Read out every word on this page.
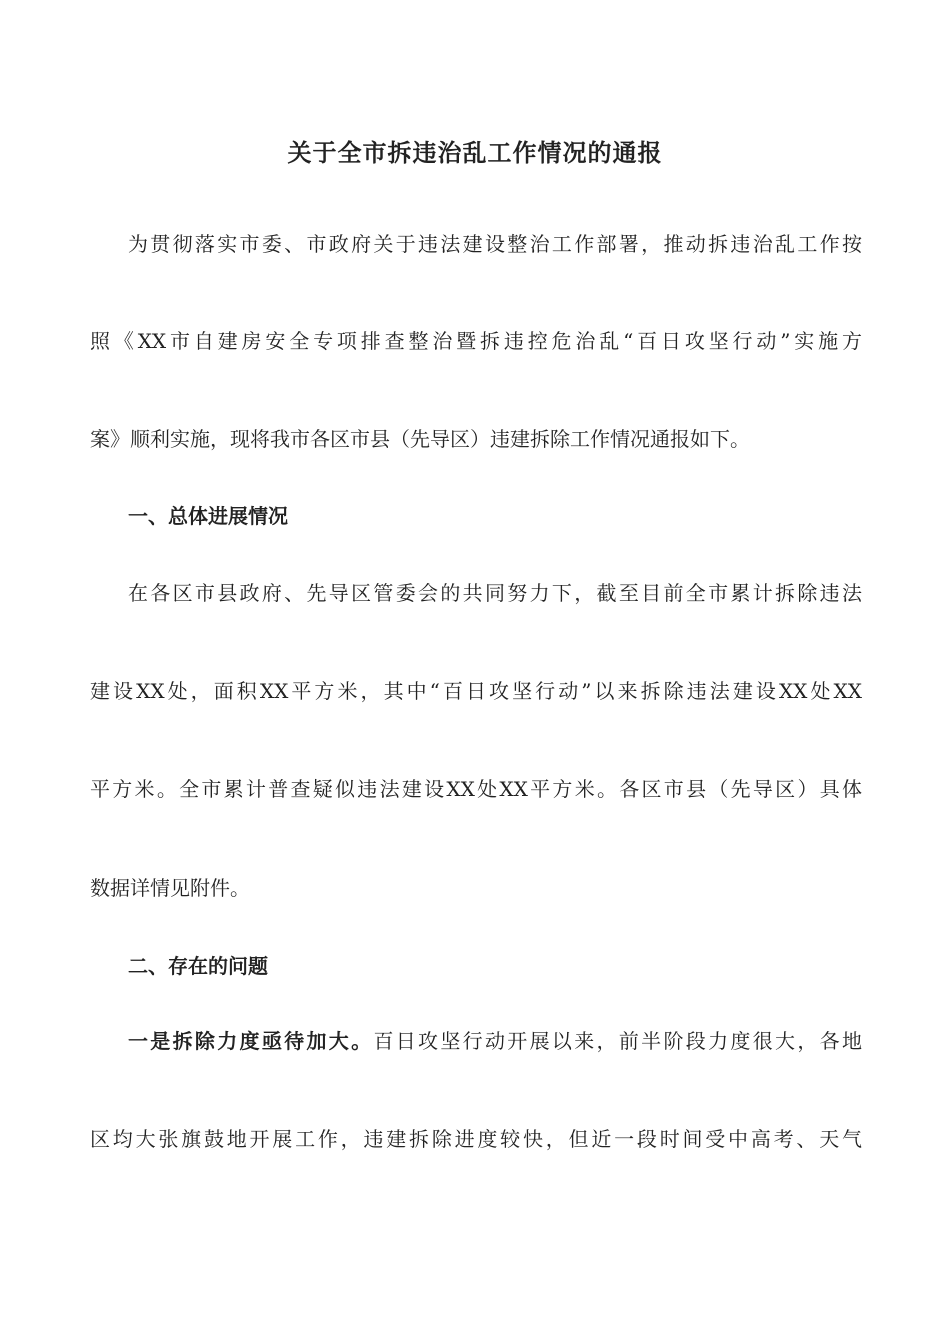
关于全市拆违治乱工作情况的通报

为贯彻落实市委、市政府关于违法建设整治工作部署，推动拆违治乱工作按

照《XX市自建房安全专项排查整治暨拆违控危治乱“百日攻坚行动”实施方

案》顺利实施，现将我市各区市县（先导区）违建拆除工作情况通报如下。

一、总体进展情况

在各区市县政府、先导区管委会的共同努力下，截至目前全市累计拆除违法

建设XX处，面积XX平方米，其中“百日攻坚行动”以来拆除违法建设XX处XX

平方米。全市累计普查疑似违法建设XX处XX平方米。各区市县（先导区）具体

数据详情见附件。

二、存在的问题

一是拆除力度亟待加大。百日攻坚行动开展以来，前半阶段力度很大，各地

区均大张旗鼓地开展工作，违建拆除进度较快，但近一段时间受中高考、天气
